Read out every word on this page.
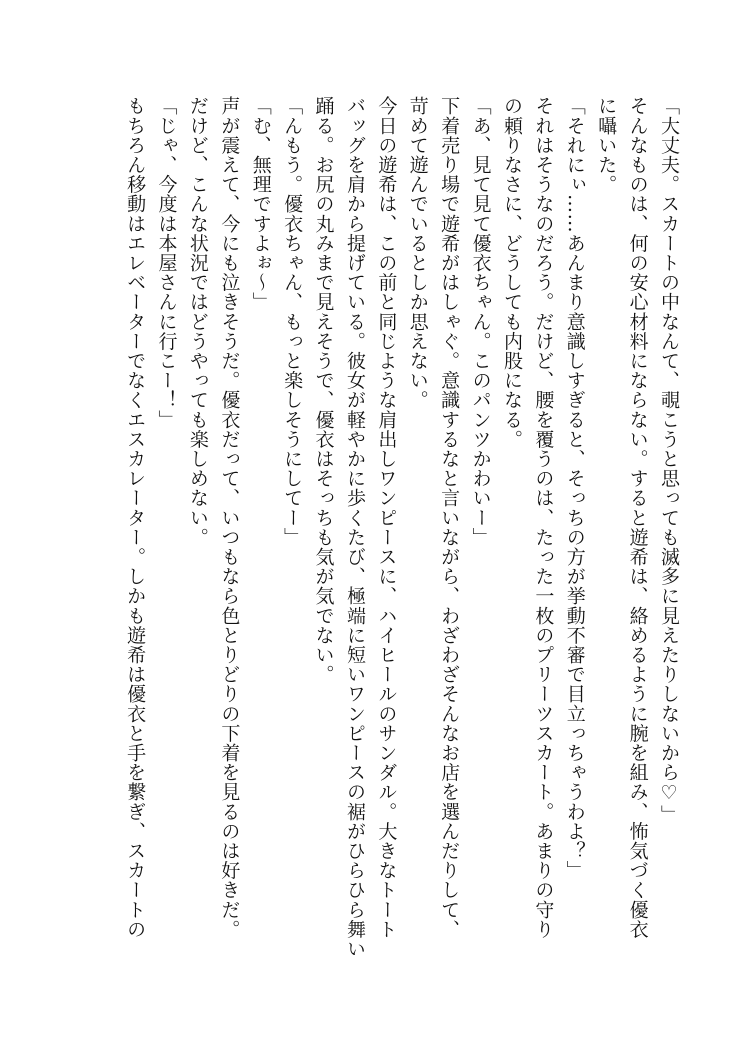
「大丈夫。スカートの中なんて、覗こうと思っても滅多に見えたりしないから♡」
そんなものは、何の安心材料にならない。すると遊希は、絡めるように腕を組み、怖気づく優衣
に囁いた。
「それにぃ……あんまり意識しすぎると、そっちの方が挙動不審で目立っちゃうわよ？」
それはそうなのだろう。だけど、腰を覆うのは、たった一枚のプリーツスカート。あまりの守り
の頼りなさに、どうしても内股になる。
「あ、見て見て優衣ちゃん。このパンツかわいー」
下着売り場で遊希がはしゃぐ。意識するなと言いながら、わざわざそんなお店を選んだりして、
苛めて遊んでいるとしか思えない。
今日の遊希は、この前と同じような肩出しワンピースに、ハイヒールのサンダル。大きなトート
バッグを肩から提げている。彼女が軽やかに歩くたび、極端に短いワンピースの裾がひらひら舞い
踊る。お尻の丸みまで見えそうで、優衣はそっちも気が気でない。
「んもう。優衣ちゃん、もっと楽しそうにしてー」
「む、無理ですよぉ～」
声が震えて、今にも泣きそうだ。優衣だって、いつもなら色とりどりの下着を見るのは好きだ。
だけど、こんな状況ではどうやっても楽しめない。
「じゃ、今度は本屋さんに行こー！」
もちろん移動はエレベーターでなくエスカレーター。しかも遊希は優衣と手を繋ぎ、スカートの
